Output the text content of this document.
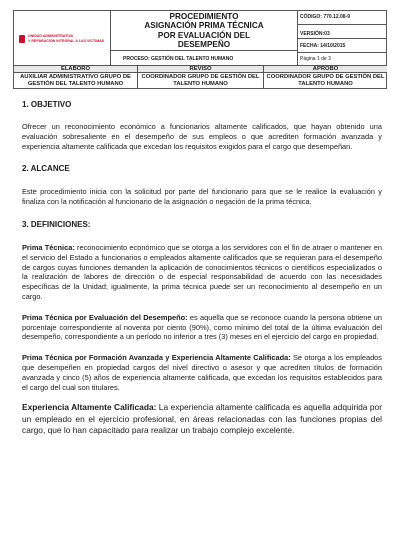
UNIDAD ADMINISTRATIVA
Y REPARACIÓN INTEGRAL A LAS VÍCTIMAS
PROCEDIMIENTO
ASIGNACIÓN PRIMA TÉCNICA
POR EVALUACIÓN DEL
DESEMPEÑO
PROCESO: GESTIÓN DEL TALENTO HUMANO
CÓDIGO: 770.12.08-9
VERSIÓN:03
FECHA: 14/10/2015
Página 1 de 3
ELABORO
AUXILIAR ADMINISTRATIVO GRUPO DE GESTIÓN DEL TALENTO HUMANO
REVISO
COORDINADOR GRUPO DE GESTIÓN DEL TALENTO HUMANO
APROBO
COORDINADOR GRUPO DE GESTIÓN DEL TALENTO HUMANO
1. OBJETIVO

Ofrecer un reconocimiento económico a funcionarios altamente calificados, que hayan obtenido una evaluación sobresaliente en el desempeño de sus empleos o que acrediten formación avanzada y experiencia altamente calificada que excedan los requisitos exigidos para el cargo que desempeñan.

2. ALCANCE

Este procedimiento inicia con la solicitud por parte del funcionario para que se le realice la evaluación y finaliza con la notificación al funcionario de la asignación o negación de la prima técnica.

3. DEFINICIONES:

Prima Técnica: reconocimiento económico que se otorga a los servidores con el fin de atraer o mantener en el servicio del Estado a funcionarios o empleados altamente calificados que se requieran para el desempeño de cargos cuyas funciones demanden la aplicación de conocimientos técnicos o científicos especializados o la realización de labores de dirección o de especial responsabilidad de acuerdo con las necesidades específicas de la Unidad; igualmente, la prima técnica puede ser un reconocimiento al desempeño en un cargo.

Prima Técnica por Evaluación del Desempeño: es aquella que se reconoce cuando la persona obtiene un porcentaje correspondiente al noventa por ciento (90%), como mínimo del total de la última evaluación del desempeño, correspondiente a un período no inferior a tres (3) meses en el ejercicio del cargo en propiedad.

Prima Técnica por Formación Avanzada y Experiencia Altamente Calificada: Se otorga a los empleados que desempeñen en propiedad cargos del nivel directivo o asesor y que acrediten títulos de formación avanzada y cinco (5) años de experiencia altamente calificada, que excedan los requisitos establecidos para el cargo del cual son titulares.

Experiencia Altamente Calificada: La experiencia altamente calificada es aquella adquirida por un empleado en el ejercicio profesional, en áreas relacionadas con las funciones propias del cargo, que lo han capacitado para realizar un trabajo complejo excelente.
